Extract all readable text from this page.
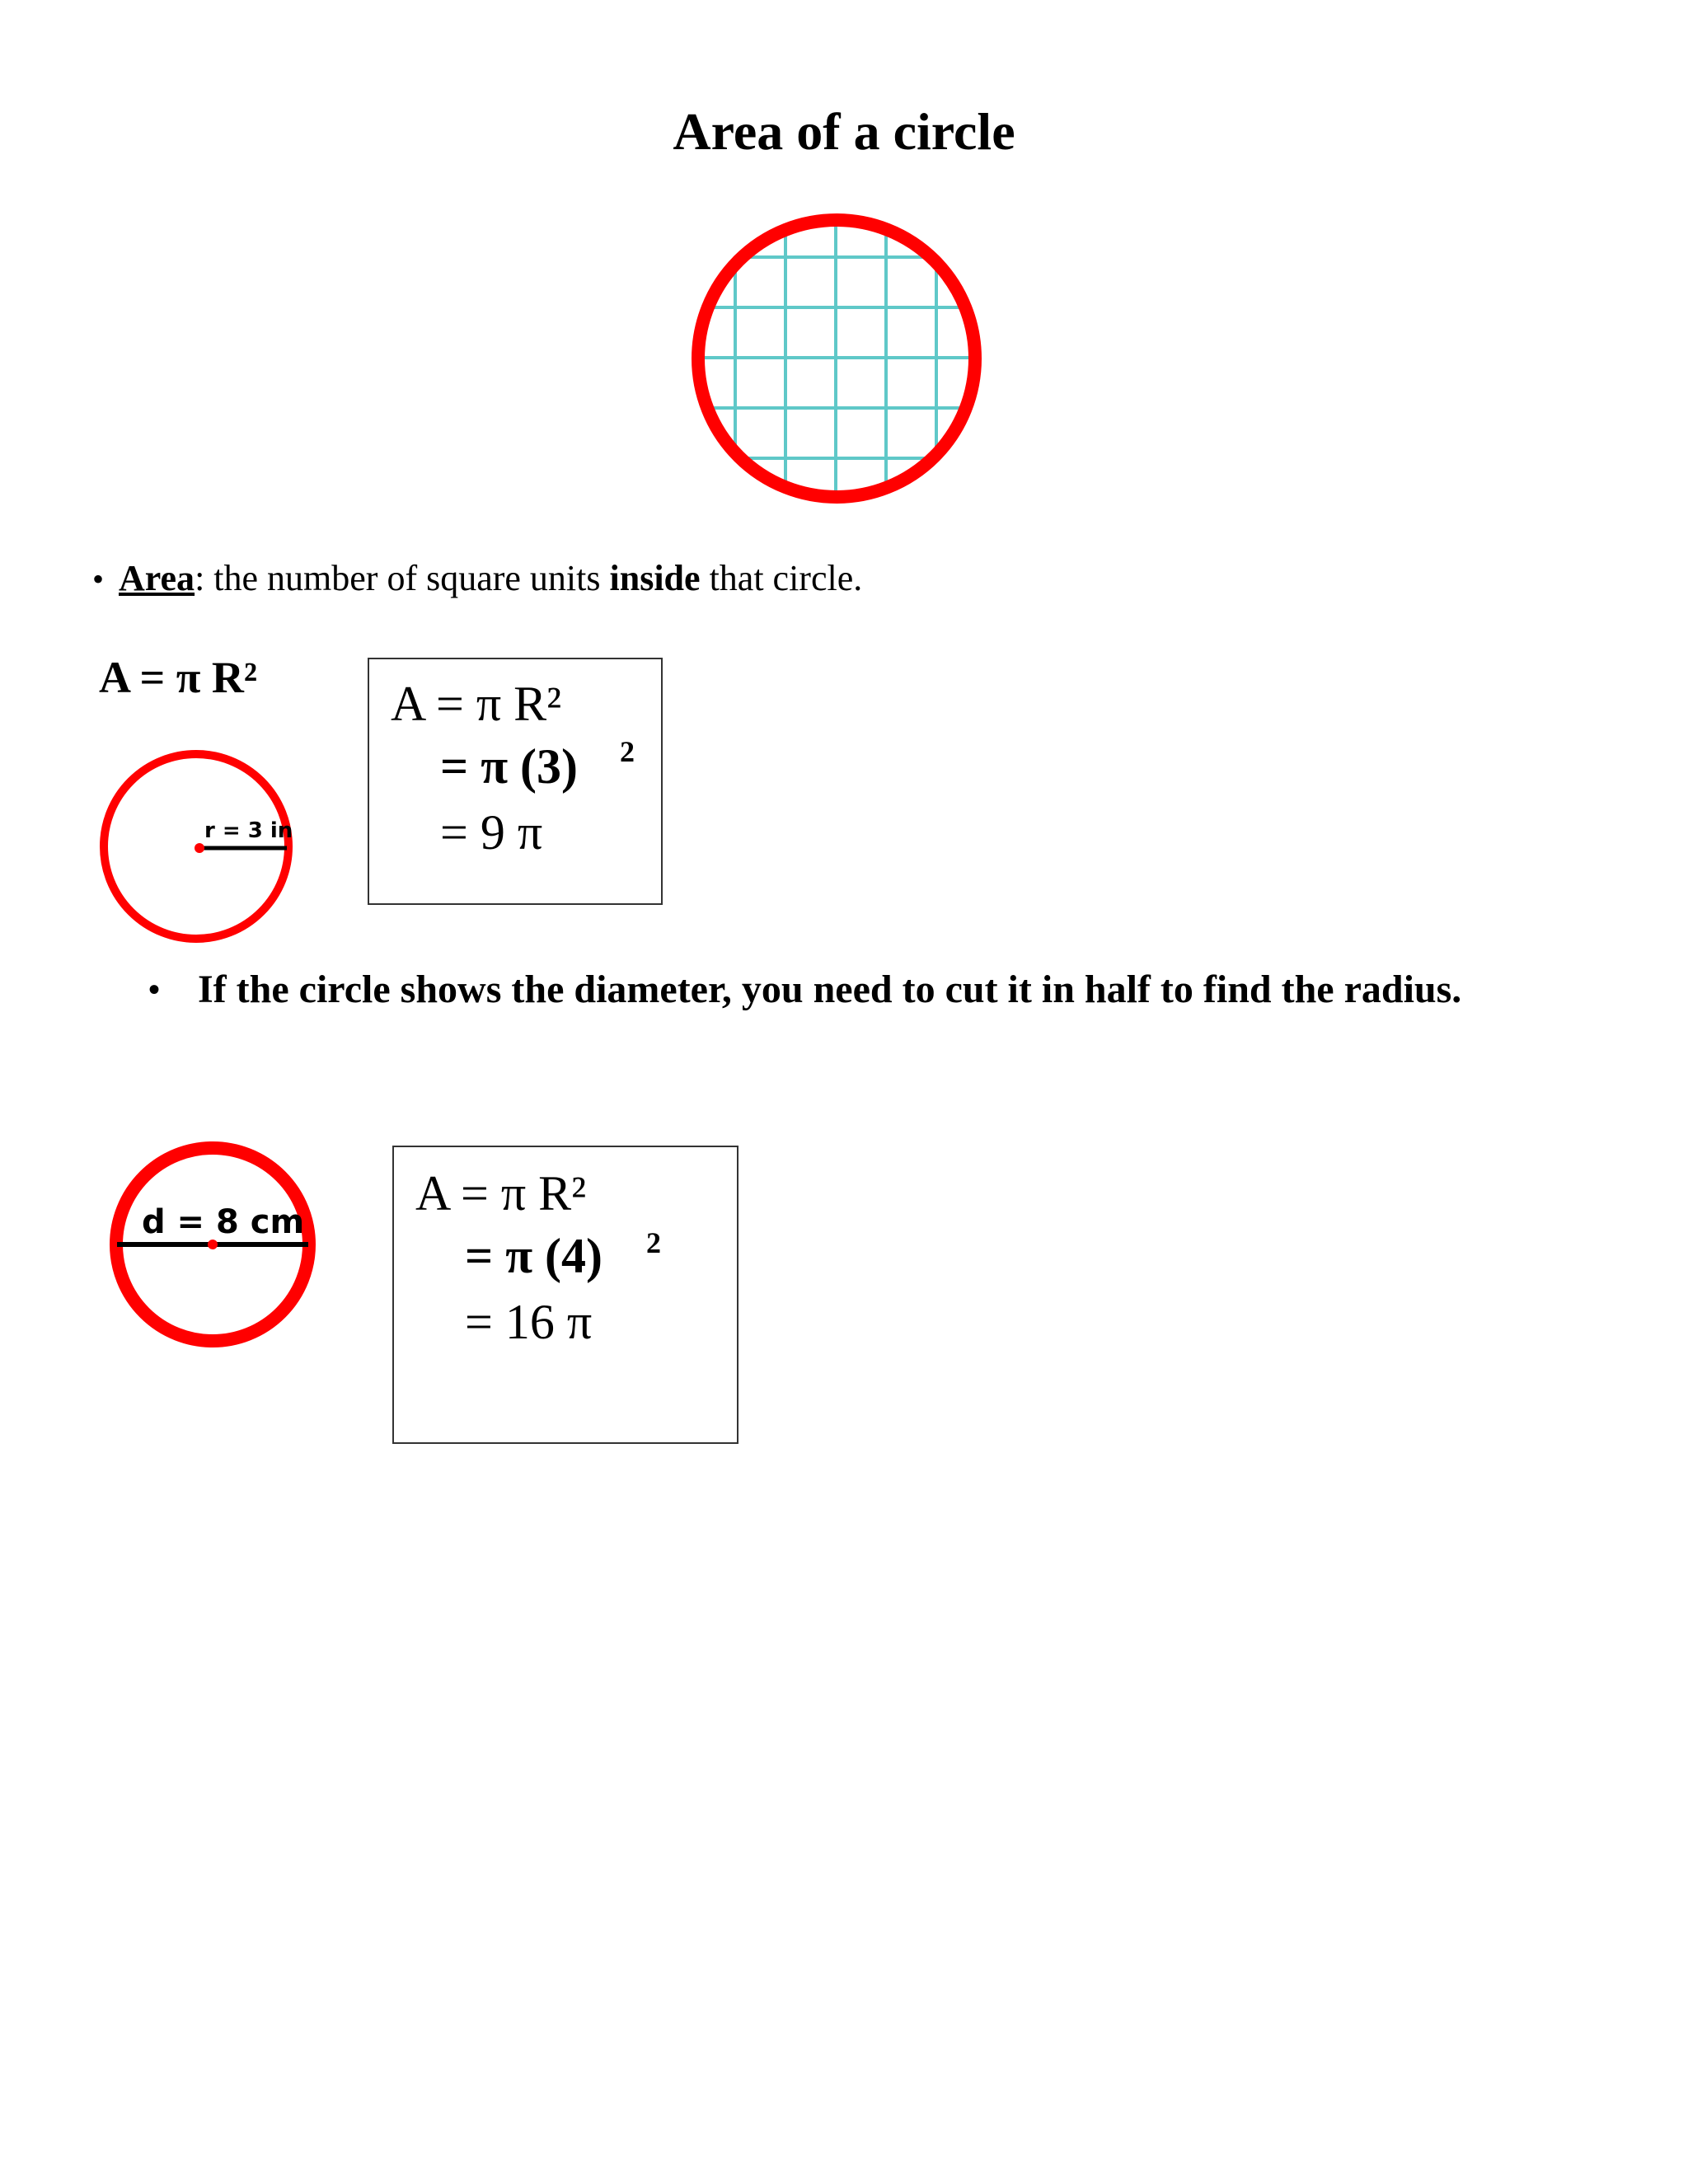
Area of a circle
• Area: the number of square units inside that circle.
A = π R²
r = 3 in
A = π R²
= π (3) 2
= 9 π
• If the circle shows the diameter, you need to cut it in half to find the radius.
d = 8 cm
A = π R²
= π (4) 2
= 16 π
